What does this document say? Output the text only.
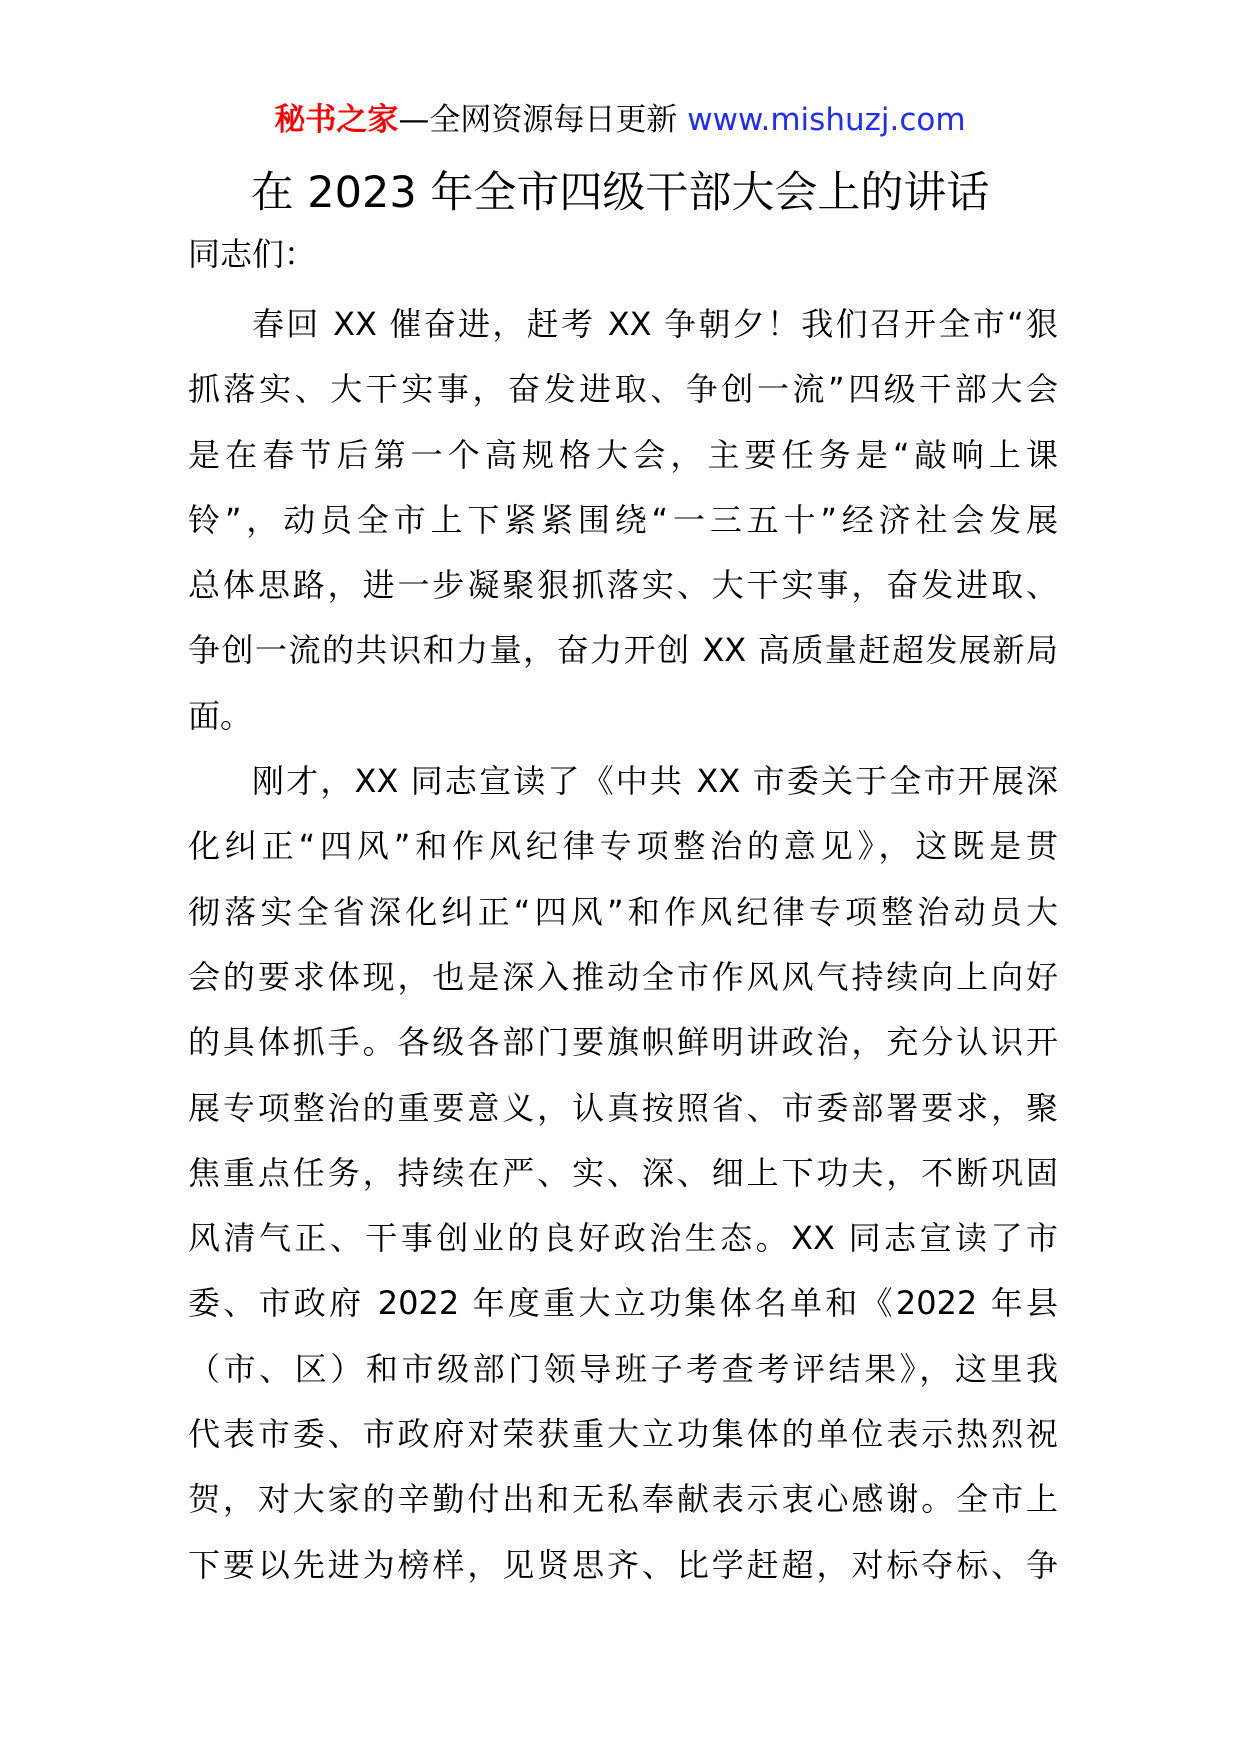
秘书之家—全网资源每日更新 www.mishuzj.com
在 2023 年全市四级干部大会上的讲话
同志们：
春回 XX 催奋进，赶考 XX 争朝夕！我们召开全市“狠
抓落实、大干实事，奋发进取、争创一流”四级干部大会
是在春节后第一个高规格大会，主要任务是“敲响上课
铃”，动员全市上下紧紧围绕“一三五十”经济社会发展
总体思路，进一步凝聚狠抓落实、大干实事，奋发进取、
争创一流的共识和力量，奋力开创 XX 高质量赶超发展新局
面。
刚才，XX 同志宣读了《中共 XX 市委关于全市开展深
化纠正“四风”和作风纪律专项整治的意见》，这既是贯
彻落实全省深化纠正“四风”和作风纪律专项整治动员大
会的要求体现，也是深入推动全市作风风气持续向上向好
的具体抓手。各级各部门要旗帜鲜明讲政治，充分认识开
展专项整治的重要意义，认真按照省、市委部署要求，聚
焦重点任务，持续在严、实、深、细上下功夫，不断巩固
风清气正、干事创业的良好政治生态。XX 同志宣读了市
委、市政府 2022 年度重大立功集体名单和《2022 年县
（市、区）和市级部门领导班子考查考评结果》，这里我
代表市委、市政府对荣获重大立功集体的单位表示热烈祝
贺，对大家的辛勤付出和无私奉献表示衷心感谢。全市上
下要以先进为榜样，见贤思齐、比学赶超，对标夺标、争
